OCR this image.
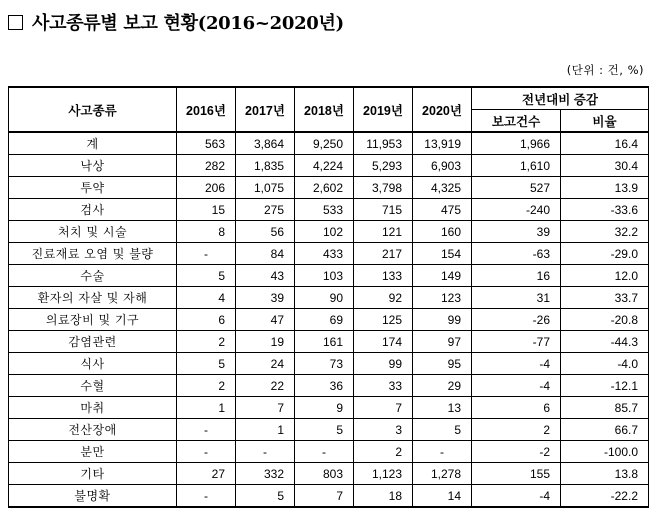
사고종류별 보고 현황(2016~2020년)
(단위 : 건, %)
사고종류	2016년	2017년	2018년	2019년	2020년	전년대비 증감	
						보고건수	비율
계	563	3,864	9,250	11,953	13,919	1,966	16.4
낙상	282	1,835	4,224	5,293	6,903	1,610	30.4
투약	206	1,075	2,602	3,798	4,325	527	13.9
검사	15	275	533	715	475	-240	-33.6
처치 및 시술	8	56	102	121	160	39	32.2
진료재료 오염 및 불량	-	84	433	217	154	-63	-29.0
수술	5	43	103	133	149	16	12.0
환자의 자살 및 자해	4	39	90	92	123	31	33.7
의료장비 및 기구	6	47	69	125	99	-26	-20.8
감염관련	2	19	161	174	97	-77	-44.3
식사	5	24	73	99	95	-4	-4.0
수혈	2	22	36	33	29	-4	-12.1
마취	1	7	9	7	13	6	85.7
전산장애	-	1	5	3	5	2	66.7
분만	-	-	-	2	-	-2	-100.0
기타	27	332	803	1,123	1,278	155	13.8
불명확	-	5	7	18	14	-4	-22.2
